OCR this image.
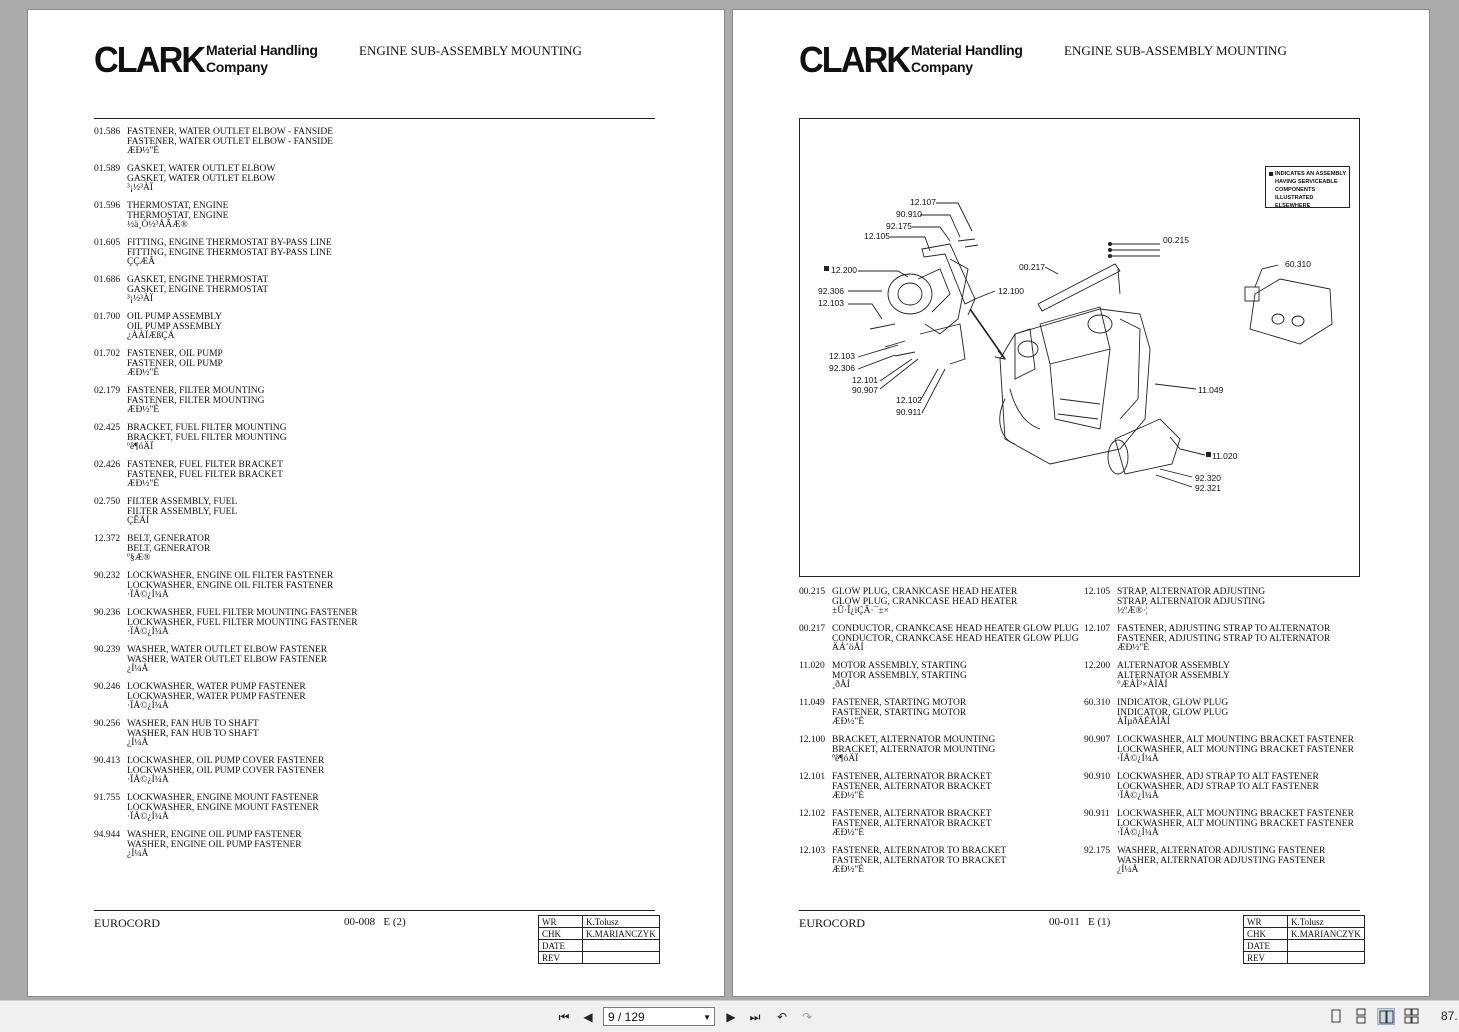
CLARK Material Handling
Company
ENGINE SUB-ASSEMBLY MOUNTING
01.586 FASTENER, WATER OUTLET ELBOW - FANSIDE
FASTENER, WATER OUTLET ELBOW - FANSIDE
ÆÐ½"È
01.589 GASKET, WATER OUTLET ELBOW
GASKET, WATER OUTLET ELBOW
³¡½³ÀÏ
01.596 THERMOSTAT, ENGINE
THERMOSTAT, ENGINE
½ä¸Ö½³ÅÂÆ®
01.605 FITTING, ENGINE THERMOSTAT BY-PASS LINE
FITTING, ENGINE THERMOSTAT BY-PASS LINE
ÇÇÆÃ
01.686 GASKET, ENGINE THERMOSTAT
GASKET, ENGINE THERMOSTAT
³¡½³ÀÏ
01.700 OIL PUMP ASSEMBLY
OIL PUMP ASSEMBLY
¿ÀÀÏÆßÇÁ
01.702 FASTENER, OIL PUMP
FASTENER, OIL PUMP
ÆÐ½"È
02.179 FASTENER, FILTER MOUNTING
FASTENER, FILTER MOUNTING
ÆÐ½"È
02.425 BRACKET, FUEL FILTER MOUNTING
BRACKET, FUEL FILTER MOUNTING
ºê¶óÄÏ
02.426 FASTENER, FUEL FILTER BRACKET
FASTENER, FUEL FILTER BRACKET
ÆÐ½"È
02.750 FILTER ASSEMBLY, FUEL
FILTER ASSEMBLY, FUEL
ÇÊÅÍ
12.372 BELT, GENERATOR
BELT, GENERATOR
º§Æ®
90.232 LOCKWASHER, ENGINE OIL FILTER FASTENER
LOCKWASHER, ENGINE OIL FILTER FASTENER
·ÏÅ©¿Í¼Å
90.236 LOCKWASHER, FUEL FILTER MOUNTING FASTENER
LOCKWASHER, FUEL FILTER MOUNTING FASTENER
·ÏÅ©¿Í¼Å
90.239 WASHER, WATER OUTLET ELBOW FASTENER
WASHER, WATER OUTLET ELBOW FASTENER
¿Í¼Å
90.246 LOCKWASHER, WATER PUMP FASTENER
LOCKWASHER, WATER PUMP FASTENER
·ÏÅ©¿Í¼Å
90.256 WASHER, FAN HUB TO SHAFT
WASHER, FAN HUB TO SHAFT
¿Í¼Å
90.413 LOCKWASHER, OIL PUMP COVER FASTENER
LOCKWASHER, OIL PUMP COVER FASTENER
·ÏÅ©¿Í¼Å
91.755 LOCKWASHER, ENGINE MOUNT FASTENER
LOCKWASHER, ENGINE MOUNT FASTENER
·ÏÅ©¿Í¼Å
94.944 WASHER, ENGINE OIL PUMP FASTENER
WASHER, ENGINE OIL PUMP FASTENER
¿Í¼Å
EUROCORD	00-008 E (2)	WR	K.Tolusz
CHK	K.MARIANCZYK
DATE	
REV	
CLARK Material Handling
Company
ENGINE SUB-ASSEMBLY MOUNTING
INDICATES AN ASSEMBLY HAVING SERVICEABLE COMPONENTS ILLUSTRATED ELSEWHERE
12.107
90.910
92.175
12.105
12.200
92.306
12.103
12.100
12.103
92.306
12.101
90.907
12.102
90.911
00.217
00.215
60.310
11.049
11.020
92.320
92.321
00.215 GLOW PLUG, CRANKCASE HEAD HEATER
GLOW PLUG, CRANKCASE HEAD HEATER
±Û·Î¿ìÇÃ·¯±×
00.217 CONDUCTOR, CRANKCASE HEAD HEATER GLOW PLUG
CONDUCTOR, CRANKCASE HEAD HEATER GLOW PLUG
ÄÁ´öÅÍ
11.020 MOTOR ASSEMBLY, STARTING
MOTOR ASSEMBLY, STARTING
¸ðÅÍ
11.049 FASTENER, STARTING MOTOR
FASTENER, STARTING MOTOR
ÆÐ½"È
12.100 BRACKET, ALTERNATOR MOUNTING
BRACKET, ALTERNATOR MOUNTING
ºê¶óÄÏ
12.101 FASTENER, ALTERNATOR BRACKET
FASTENER, ALTERNATOR BRACKET
ÆÐ½"È
12.102 FASTENER, ALTERNATOR BRACKET
FASTENER, ALTERNATOR BRACKET
ÆÐ½"È
12.103 FASTENER, ALTERNATOR TO BRACKET
FASTENER, ALTERNATOR TO BRACKET
ÆÐ½"È
12.105 STRAP, ALTERNATOR ADJUSTING
STRAP, ALTERNATOR ADJUSTING
½ºÆ®·¦
12.107 FASTENER, ADJUSTING STRAP TO ALTERNATOR
FASTENER, ADJUSTING STRAP TO ALTERNATOR
ÆÐ½"È
12.200 ALTERNATOR ASSEMBLY
ALTERNATOR ASSEMBLY
°ÆÀÌ³×ÀÌÅÍ
60.310 INDICATOR, GLOW PLUG
INDICATOR, GLOW PLUG
ÀÎµðÄÉÀÌÅÍ
90.907 LOCKWASHER, ALT MOUNTING BRACKET FASTENER
LOCKWASHER, ALT MOUNTING BRACKET FASTENER
·ÏÅ©¿Í¼Å
90.910 LOCKWASHER, ADJ STRAP TO ALT FASTENER
LOCKWASHER, ADJ STRAP TO ALT FASTENER
·ÏÅ©¿Í¼Å
90.911 LOCKWASHER, ALT MOUNTING BRACKET FASTENER
LOCKWASHER, ALT MOUNTING BRACKET FASTENER
·ÏÅ©¿Í¼Å
92.175 WASHER, ALTERNATOR ADJUSTING FASTENER
WASHER, ALTERNATOR ADJUSTING FASTENER
¿Í¼Å
EUROCORD	00-011 E (1)	WR	K.Tolusz
CHK	K.MARIANCZYK
DATE	
REV	
⏮	◀	9 / 129	▼	▶	⏭	↶	↷	87.
